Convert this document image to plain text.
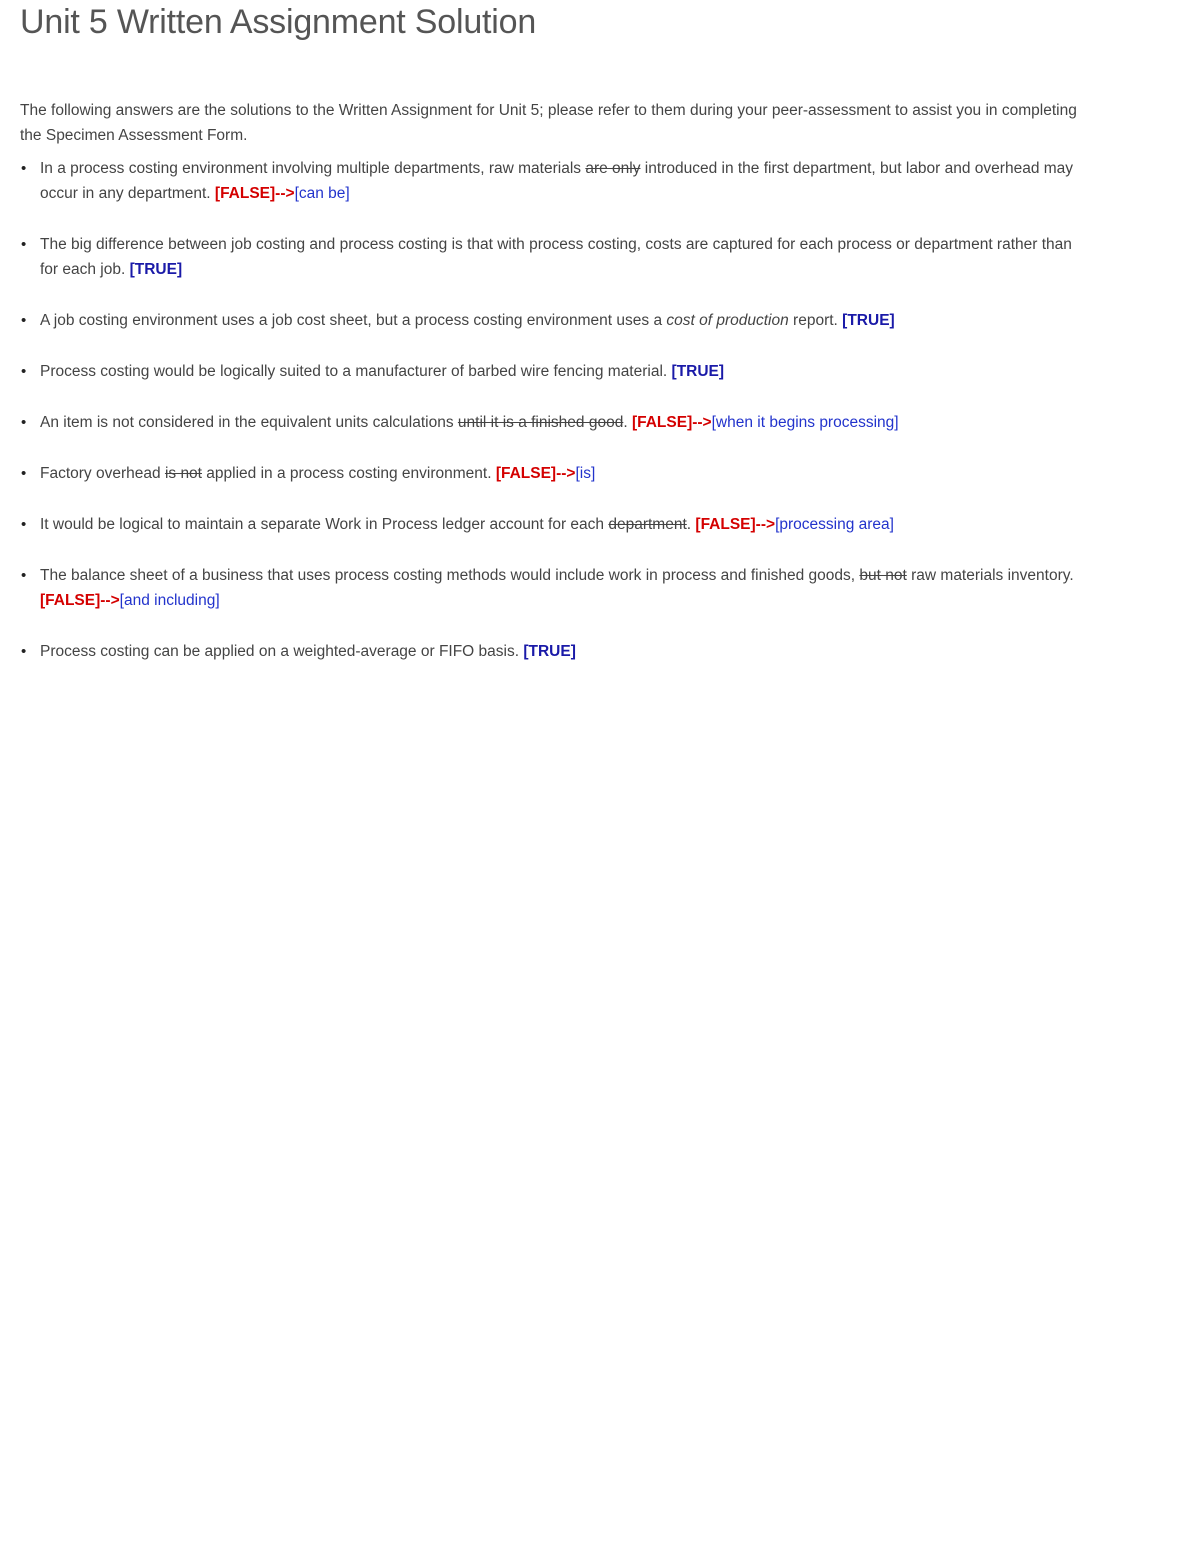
Unit 5 Written Assignment Solution

The following answers are the solutions to the Written Assignment for Unit 5; please refer to them during your peer-assessment to assist you in completing the Specimen Assessment Form.

• In a process costing environment involving multiple departments, raw materials are only introduced in the first department, but labor and overhead may occur in any department. [FALSE]-->[can be]
• The big difference between job costing and process costing is that with process costing, costs are captured for each process or department rather than for each job. [TRUE]
• A job costing environment uses a job cost sheet, but a process costing environment uses a cost of production report. [TRUE]
• Process costing would be logically suited to a manufacturer of barbed wire fencing material. [TRUE]
• An item is not considered in the equivalent units calculations until it is a finished good. [FALSE]-->[when it begins processing]
• Factory overhead is not applied in a process costing environment. [FALSE]-->[is]
• It would be logical to maintain a separate Work in Process ledger account for each department. [FALSE]-->[processing area]
• The balance sheet of a business that uses process costing methods would include work in process and finished goods, but not raw materials inventory. [FALSE]-->[and including]
• Process costing can be applied on a weighted-average or FIFO basis. [TRUE]
